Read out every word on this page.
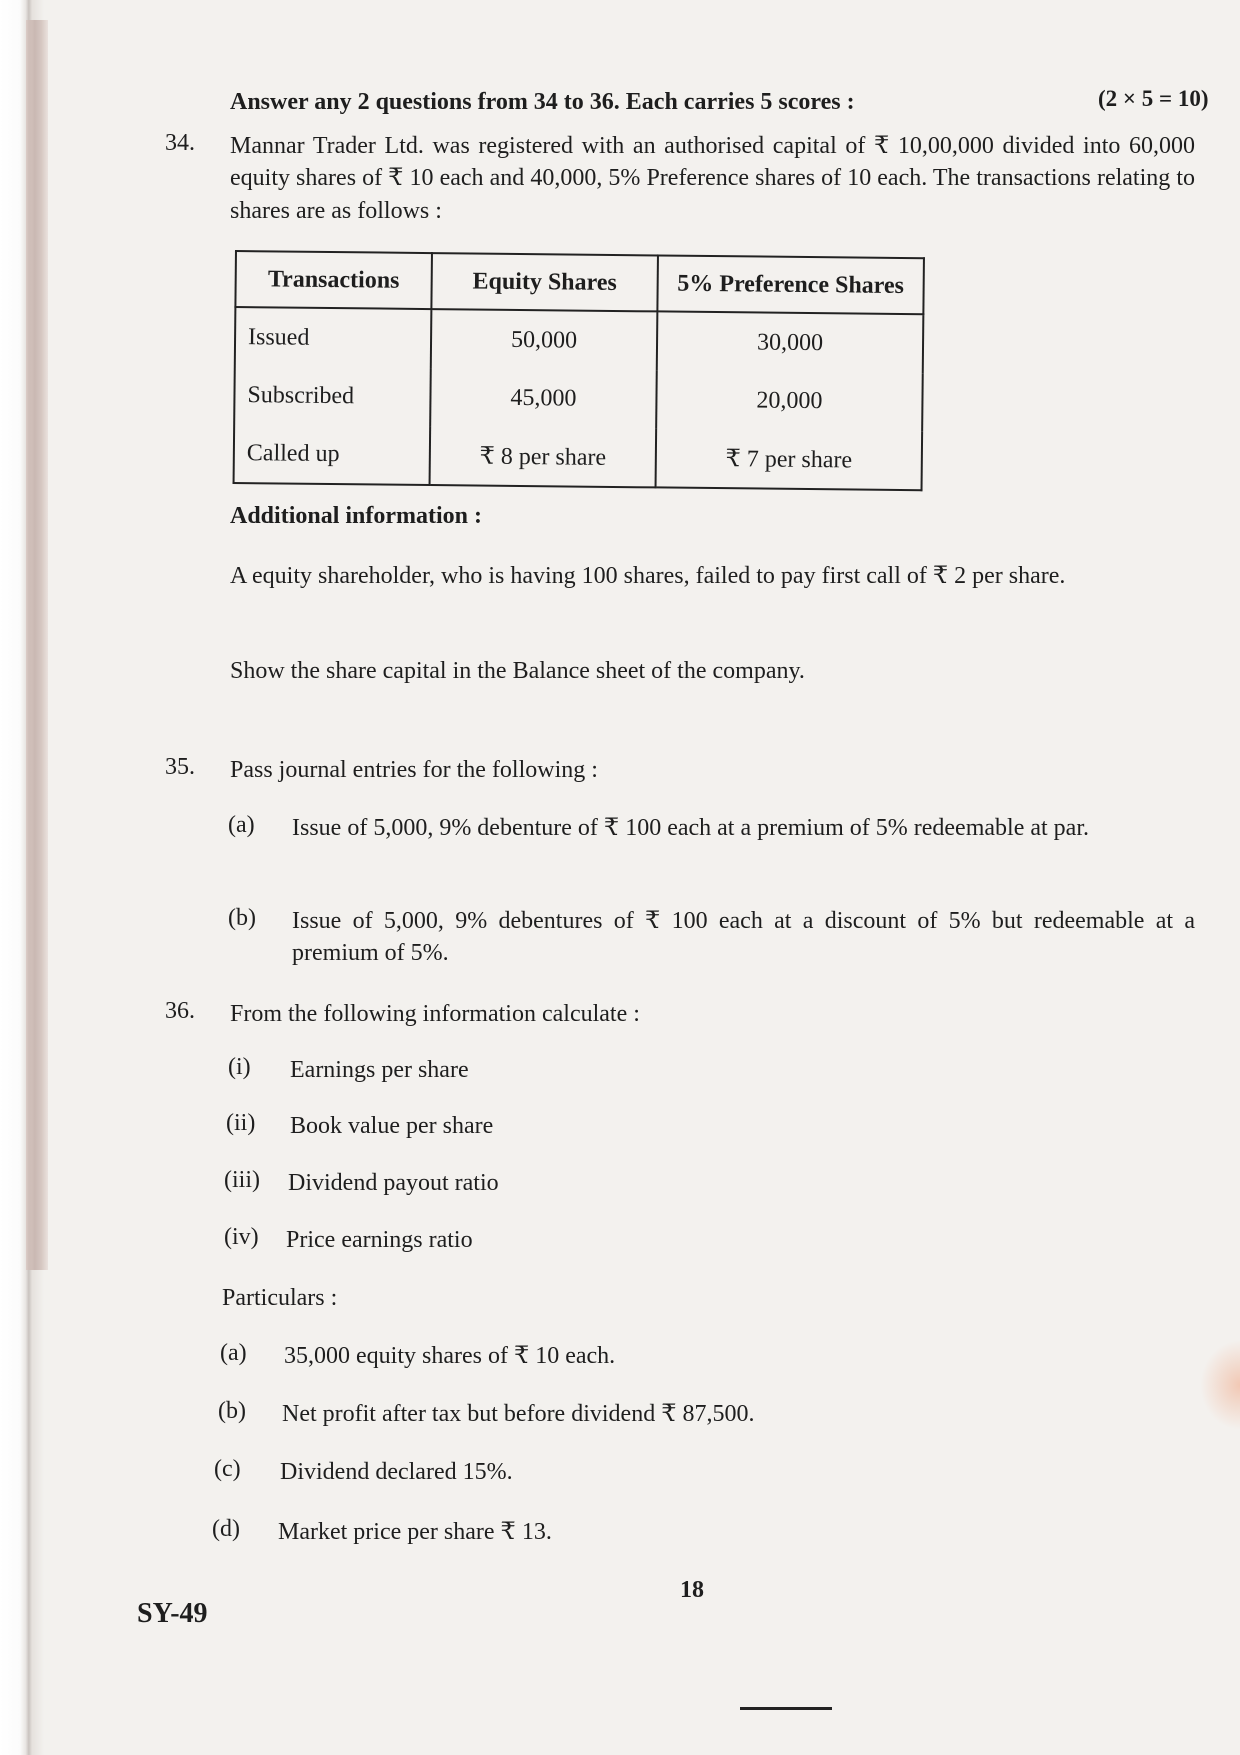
Answer any 2 questions from 34 to 36. Each carries 5 scores :	(2 × 5 = 10)
34. Mannar Trader Ltd. was registered with an authorised capital of ₹ 10,00,000 divided into 60,000 equity shares of ₹ 10 each and 40,000, 5% Preference shares of 10 each. The transactions relating to shares are as follows :
Transactions	Equity Shares	5% Preference Shares
Issued	50,000	30,000
Subscribed	45,000	20,000
Called up	₹ 8 per share	₹ 7 per share
Additional information :
A equity shareholder, who is having 100 shares, failed to pay first call of ₹ 2 per share.
Show the share capital in the Balance sheet of the company.
35. Pass journal entries for the following :
(a) Issue of 5,000, 9% debenture of ₹ 100 each at a premium of 5% redeemable at par.
(b) Issue of 5,000, 9% debentures of ₹ 100 each at a discount of 5% but redeemable at a premium of 5%.
36. From the following information calculate :
(i) Earnings per share
(ii) Book value per share
(iii) Dividend payout ratio
(iv) Price earnings ratio
Particulars :
(a) 35,000 equity shares of ₹ 10 each.
(b) Net profit after tax but before dividend ₹ 87,500.
(c) Dividend declared 15%.
(d) Market price per share ₹ 13.
18
SY-49
